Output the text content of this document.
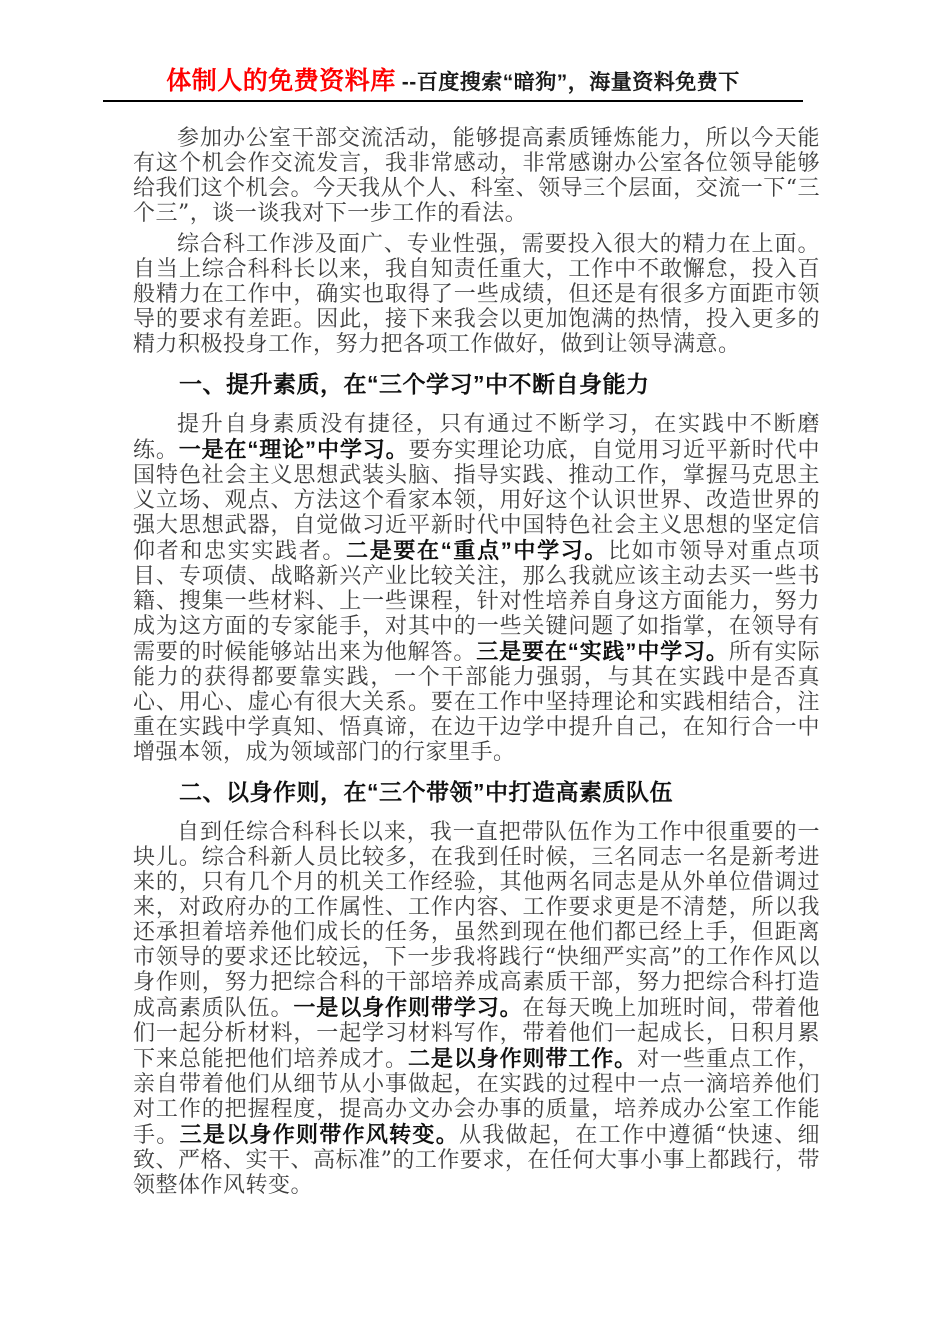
体制人的免费资料库 --百度搜索“暗狗”，海量资料免费下

参加办公室干部交流活动，能够提高素质锤炼能力，所以今天能有这个机会作交流发言，我非常感动，非常感谢办公室各位领导能够给我们这个机会。今天我从个人、科室、领导三个层面，交流一下“三个三”，谈一谈我对下一步工作的看法。

综合科工作涉及面广、专业性强，需要投入很大的精力在上面。自当上综合科科长以来，我自知责任重大，工作中不敢懈怠，投入百般精力在工作中，确实也取得了一些成绩，但还是有很多方面距市领导的要求有差距。因此，接下来我会以更加饱满的热情，投入更多的精力积极投身工作，努力把各项工作做好，做到让领导满意。

一、提升素质，在“三个学习”中不断自身能力

提升自身素质没有捷径，只有通过不断学习，在实践中不断磨练。一是在“理论”中学习。要夯实理论功底，自觉用习近平新时代中国特色社会主义思想武装头脑、指导实践、推动工作，掌握马克思主义立场、观点、方法这个看家本领，用好这个认识世界、改造世界的强大思想武器，自觉做习近平新时代中国特色社会主义思想的坚定信仰者和忠实实践者。二是要在“重点”中学习。比如市领导对重点项目、专项债、战略新兴产业比较关注，那么我就应该主动去买一些书籍、搜集一些材料、上一些课程，针对性培养自身这方面能力，努力成为这方面的专家能手，对其中的一些关键问题了如指掌，在领导有需要的时候能够站出来为他解答。三是要在“实践”中学习。所有实际能力的获得都要靠实践，一个干部能力强弱，与其在实践中是否真心、用心、虚心有很大关系。要在工作中坚持理论和实践相结合，注重在实践中学真知、悟真谛，在边干边学中提升自己，在知行合一中增强本领，成为领域部门的行家里手。

二、以身作则，在“三个带领”中打造高素质队伍

自到任综合科科长以来，我一直把带队伍作为工作中很重要的一块儿。综合科新人员比较多，在我到任时候，三名同志一名是新考进来的，只有几个月的机关工作经验，其他两名同志是从外单位借调过来，对政府办的工作属性、工作内容、工作要求更是不清楚，所以我还承担着培养他们成长的任务，虽然到现在他们都已经上手，但距离市领导的要求还比较远，下一步我将践行“快细严实高”的工作作风以身作则，努力把综合科的干部培养成高素质干部，努力把综合科打造成高素质队伍。一是以身作则带学习。在每天晚上加班时间，带着他们一起分析材料，一起学习材料写作，带着他们一起成长，日积月累下来总能把他们培养成才。二是以身作则带工作。对一些重点工作，亲自带着他们从细节从小事做起，在实践的过程中一点一滴培养他们对工作的把握程度，提高办文办会办事的质量，培养成办公室工作能手。三是以身作则带作风转变。从我做起，在工作中遵循“快速、细致、严格、实干、高标准”的工作要求，在任何大事小事上都践行，带领整体作风转变。
